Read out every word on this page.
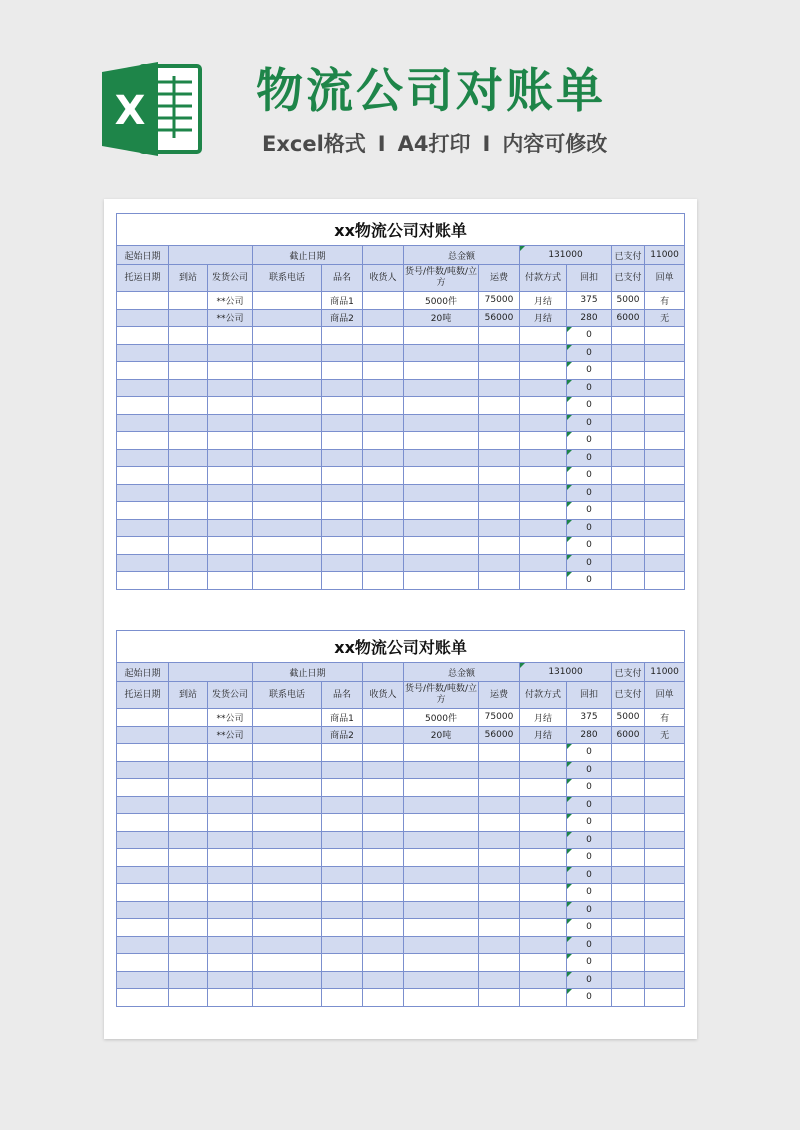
X 物流公司对账单
Excel格式 I A4打印 I 内容可修改
xx物流公司对账单											
起始日期			截止日期			总金额		131000		已支付	11000
托运日期	到站	发货公司	联系电话	品名	收货人	货号/件数/吨数/立方	运费	付款方式	回扣	已支付	回单
		**公司		商品1		5000件	75000	月结	375	5000	有
		**公司		商品2		20吨	56000	月结	280	6000	无
									0		
									0		
									0		
									0		
									0		
									0		
									0		
									0		
									0		
									0		
									0		
									0		
									0		
									0		
									0		
xx物流公司对账单											
起始日期			截止日期			总金额		131000		已支付	11000
托运日期	到站	发货公司	联系电话	品名	收货人	货号/件数/吨数/立方	运费	付款方式	回扣	已支付	回单
		**公司		商品1		5000件	75000	月结	375	5000	有
		**公司		商品2		20吨	56000	月结	280	6000	无
									0		
									0		
									0		
									0		
									0		
									0		
									0		
									0		
									0		
									0		
									0		
									0		
									0		
									0		
									0		
